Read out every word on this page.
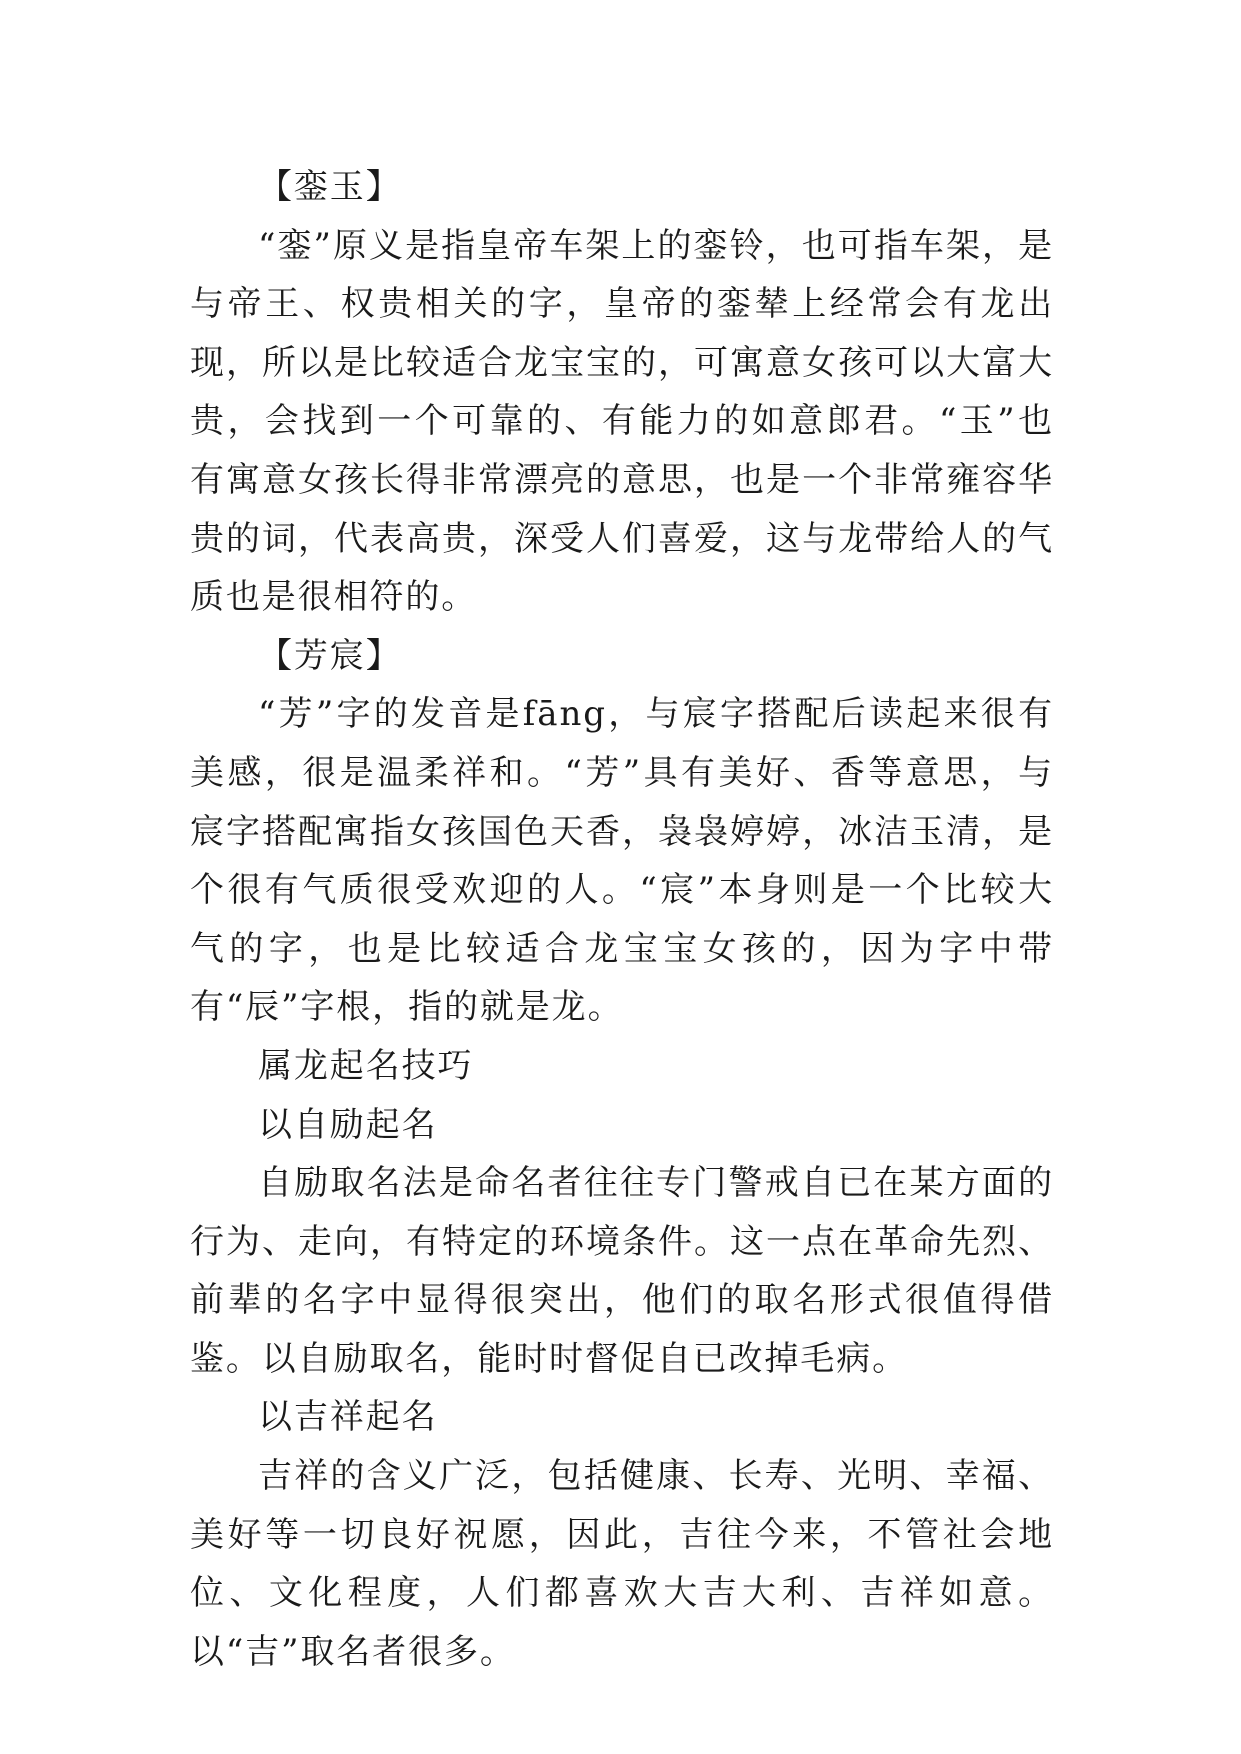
【銮玉】

“銮”原义是指皇帝车架上的銮铃，也可指车架，是与帝王、权贵相关的字，皇帝的銮辇上经常会有龙出现，所以是比较适合龙宝宝的，可寓意女孩可以大富大贵，会找到一个可靠的、有能力的如意郎君。“玉”也有寓意女孩长得非常漂亮的意思，也是一个非常雍容华贵的词，代表高贵，深受人们喜爱，这与龙带给人的气质也是很相符的。

【芳宸】

“芳”字的发音是fāng，与宸字搭配后读起来很有美感，很是温柔祥和。“芳”具有美好、香等意思，与宸字搭配寓指女孩国色天香，袅袅婷婷，冰洁玉清，是个很有气质很受欢迎的人。“宸”本身则是一个比较大气的字，也是比较适合龙宝宝女孩的，因为字中带有“辰”字根，指的就是龙。

属龙起名技巧

以自励起名

自励取名法是命名者往往专门警戒自已在某方面的行为、走向，有特定的环境条件。这一点在革命先烈、前辈的名字中显得很突出，他们的取名形式很值得借鉴。以自励取名，能时时督促自已改掉毛病。

以吉祥起名

吉祥的含义广泛，包括健康、长寿、光明、幸福、美好等一切良好祝愿，因此，吉往今来，不管社会地位、文化程度，人们都喜欢大吉大利、吉祥如意。以“吉”取名者很多。
